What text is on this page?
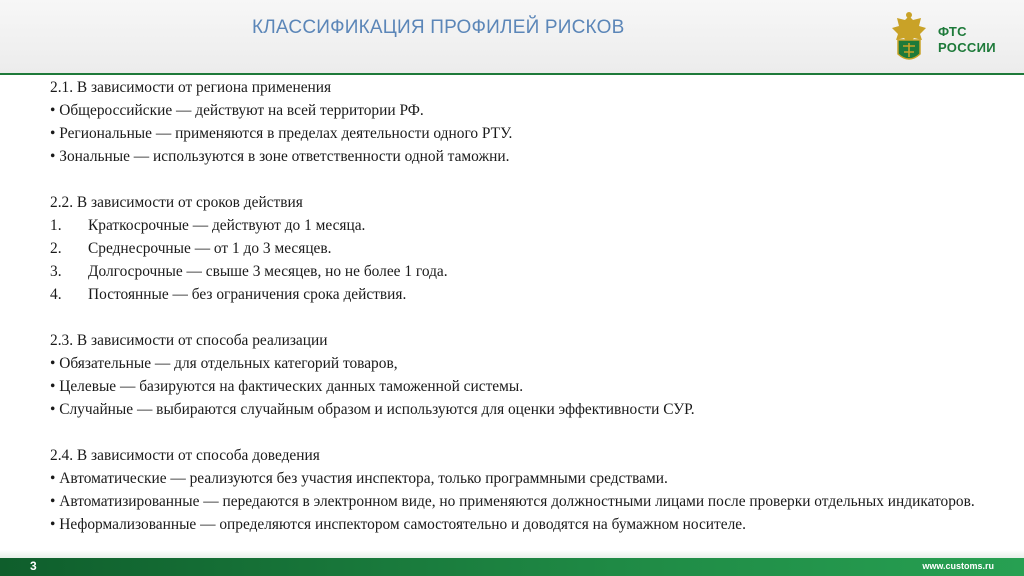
КЛАССИФИКАЦИЯ ПРОФИЛЕЙ РИСКОВ	ФТС
РОССИИ
2.1. В зависимости от региона применения
• Общероссийские — действуют на всей территории РФ.
• Региональные — применяются в пределах деятельности одного РТУ.
• Зональные — используются в зоне ответственности одной таможни.
2.2. В зависимости от сроков действия
1. Краткосрочные — действуют до 1 месяца.
2. Среднесрочные — от 1 до 3 месяцев.
3. Долгосрочные — свыше 3 месяцев, но не более 1 года.
4. Постоянные — без ограничения срока действия.
2.3. В зависимости от способа реализации
• Обязательные — для отдельных категорий товаров,
• Целевые — базируются на фактических данных таможенной системы.
• Случайные — выбираются случайным образом и используются для оценки эффективности СУР.
2.4. В зависимости от способа доведения
• Автоматические — реализуются без участия инспектора, только программными средствами.
• Автоматизированные — передаются в электронном виде, но применяются должностными лицами после проверки отдельных индикаторов.
• Неформализованные — определяются инспектором самостоятельно и доводятся на бумажном носителе.
3	www.customs.ru
